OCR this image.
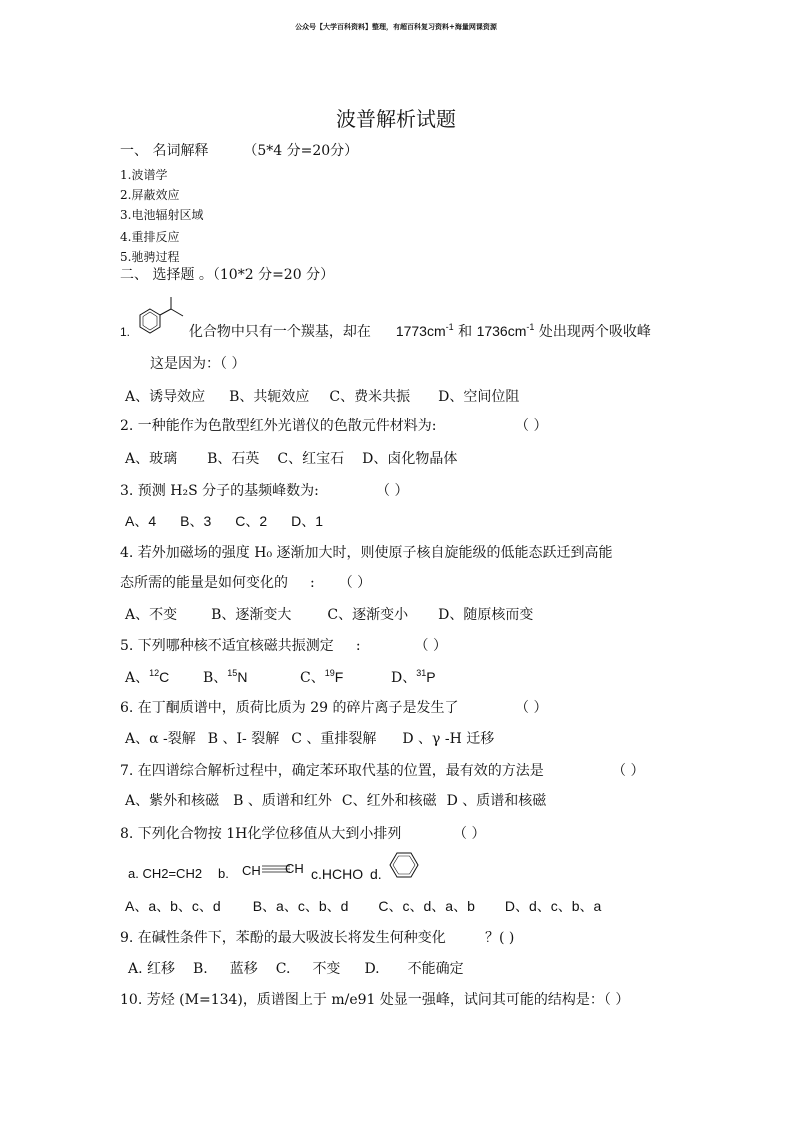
公众号【大学百科资料】整理，有超百科复习资料+海量网课资源
波普解析试题
一、 名词解释 （5*4 分=20分）
1.波谱学
2.屏蔽效应
3.电池辐射区域
4.重排反应
5.驰骋过程
二、 选择题 。（10*2 分=20 分）
1.	化合物中只有一个羰基，却在 $1773cm^{-1}$ 和 $1736cm^{-1}$ 处出现两个吸收峰
这是因为：（ ）
A、诱导效应 B、共轭效应 C、费米共振 D、空间位阻
2. 一种能作为色散型红外光谱仪的色散元件材料为:	（ ）
A、玻璃 B、石英 C、红宝石 D、卤化物晶体
3. 预测 H₂S 分子的基频峰数为:	（ ）
A、4 B、3 C、2 D、1
4. 若外加磁场的强度 H₀ 逐渐加大时，则使原子核自旋能级的低能态跃迁到高能
态所需的能量是如何变化的 : （ ）
A、不变 B、逐渐变大	C、逐渐变小 D、随原核而变
5. 下列哪种核不适宜核磁共振测定 :	（ ）
A、$^{12}$C B、$^{15}$N	C、$^{19}$F	D、$^{31}$P
6. 在丁酮质谱中，质荷比质为 29 的碎片离子是发生了	（ ）
A、α -裂解 B 、I- 裂解 C 、重排裂解 D 、γ -H 迁移
7. 在四谱综合解析过程中，确定苯环取代基的位置，最有效的方法是	（ ）
A、紫外和核磁 B 、质谱和红外 C、红外和核磁 D 、质谱和核磁
8. 下列化合物按 1H化学位移值从大到小排列	（ ）
a. CH2=CH2 b. CH CH c.HCHO d.
A、a、b、c、d B、a、c、b、d C、c、d、a、b D、d、c、b、a
9. 在碱性条件下，苯酚的最大吸波长将发生何种变化	？( )
A. 红移 B. 蓝移 C. 不变 D. 不能确定
10. 芳烃 (M=134)，质谱图上于 m/e91 处显一强峰，试问其可能的结构是：（ ）
